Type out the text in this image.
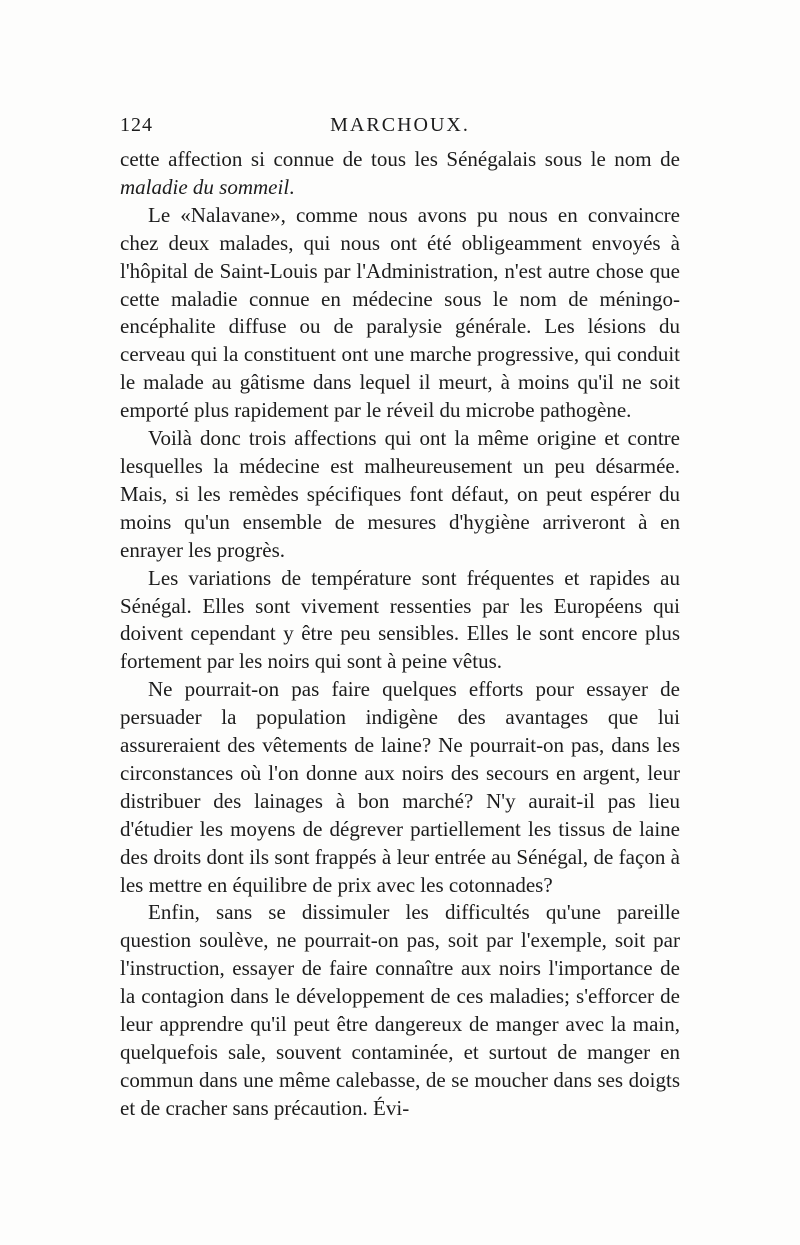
124	MARCHOUX.

cette affection si connue de tous les Sénégalais sous le nom de maladie du sommeil.

Le «Nalavane», comme nous avons pu nous en convaincre chez deux malades, qui nous ont été obligeamment envoyés à l'hôpital de Saint-Louis par l'Administration, n'est autre chose que cette maladie connue en médecine sous le nom de méningo-encéphalite diffuse ou de paralysie générale. Les lésions du cerveau qui la constituent ont une marche progressive, qui conduit le malade au gâtisme dans lequel il meurt, à moins qu'il ne soit emporté plus rapidement par le réveil du microbe pathogène.

Voilà donc trois affections qui ont la même origine et contre lesquelles la médecine est malheureusement un peu désarmée. Mais, si les remèdes spécifiques font défaut, on peut espérer du moins qu'un ensemble de mesures d'hygiène arriveront à en enrayer les progrès.

Les variations de température sont fréquentes et rapides au Sénégal. Elles sont vivement ressenties par les Européens qui doivent cependant y être peu sensibles. Elles le sont encore plus fortement par les noirs qui sont à peine vêtus.

Ne pourrait-on pas faire quelques efforts pour essayer de persuader la population indigène des avantages que lui assureraient des vêtements de laine? Ne pourrait-on pas, dans les circonstances où l'on donne aux noirs des secours en argent, leur distribuer des lainages à bon marché? N'y aurait-il pas lieu d'étudier les moyens de dégrever partiellement les tissus de laine des droits dont ils sont frappés à leur entrée au Sénégal, de façon à les mettre en équilibre de prix avec les cotonnades?

Enfin, sans se dissimuler les difficultés qu'une pareille question soulève, ne pourrait-on pas, soit par l'exemple, soit par l'instruction, essayer de faire connaître aux noirs l'importance de la contagion dans le développement de ces maladies; s'efforcer de leur apprendre qu'il peut être dangereux de manger avec la main, quelquefois sale, souvent contaminée, et surtout de manger en commun dans une même calebasse, de se moucher dans ses doigts et de cracher sans précaution. Évi-
